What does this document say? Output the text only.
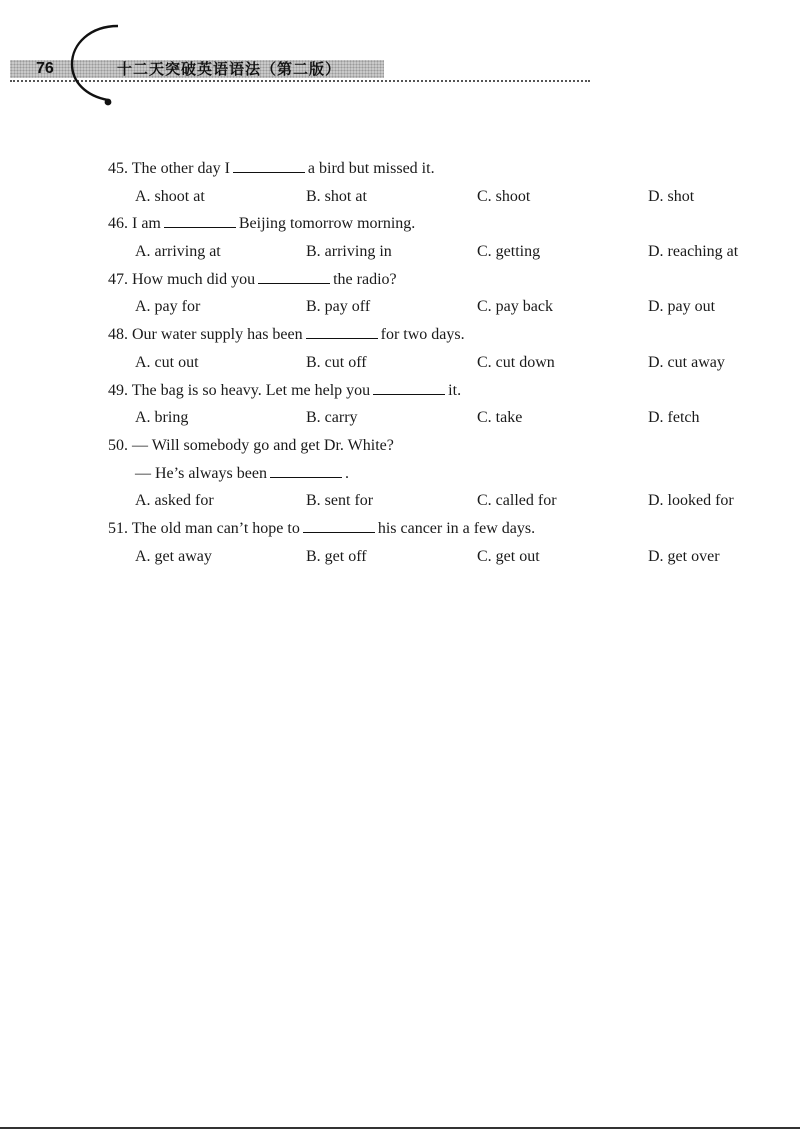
76	十二天突破英语语法（第二版）
45. The other day I	a bird but missed it.
A. shoot at	B. shot at	C. shoot	D. shot
46. I am	Beijing tomorrow morning.
A. arriving at	B. arriving in	C. getting	D. reaching at
47. How much did you	the radio?
A. pay for	B. pay off	C. pay back	D. pay out
48. Our water supply has been	for two days.
A. cut out	B. cut off	C. cut down	D. cut away
49. The bag is so heavy. Let me help you	it.
A. bring	B. carry	C. take	D. fetch
50. — Will somebody go and get Dr. White?
— He’s always been	.
A. asked for	B. sent for	C. called for	D. looked for
51. The old man can’t hope to	his cancer in a few days.
A. get away	B. get off	C. get out	D. get over
